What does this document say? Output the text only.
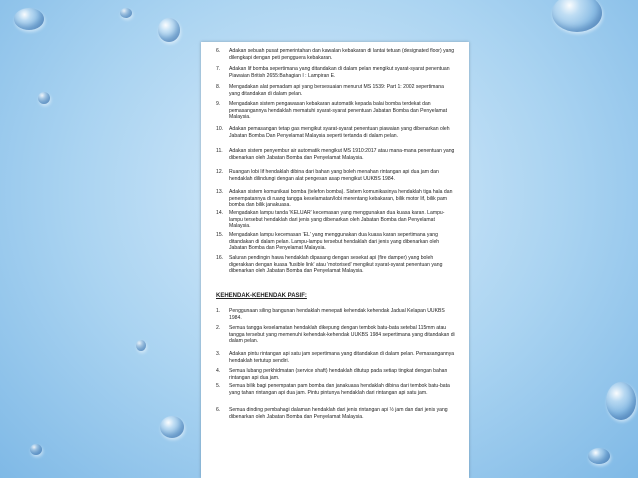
6.	Adakan sebuah pusat pemerintahan dan kawalan kebakaran di lantai tetuan (designated floor) yang dilengkapi dengan peti pengguera kebakaran.
7.	Adakan lif bomba sepertimana yang ditandakan di dalam pelan mengikut syarat-syarat penentuan Piawaian British 2655:Bahagian I : Lampiran E.
8.	Mengadakan alat pemadam api yang bersesuaian menurut MS 1539: Part 1: 2002 sepertimana yang ditandakan di dalam pelan.
9.	Mengadakan sistem pengawasan kebakaran automatik kepada balai bomba terdekat dan pemasangannya hendaklah mematuhi syarat-syarat penentuan Jabatan Bomba dan Penyelamat Malaysia.
10.	Adakan pemasangan tetap gas mengikut syarat-syarat penentuan piawaian yang dibenarkan oleh Jabatan Bomba Dan Penyelamat Malaysia seperti tertanda di dalam pelan.
11.	Adakan sistem penyembur air automatik mengikut MS 1910:2017 atau mana-mana penentuan yang dibenarkan oleh Jabatan Bomba dan Penyelamat Malaysia.
12.	Ruangan lobi lif hendaklah dibina dari bahan yang boleh menahan rintangan api dua jam dan hendaklah dilindungi dengan alat pengesan asap mengikut UUKBS 1984.
13.	Adakan sistem komunikasi bomba (telefon bomba). Sistem komunikasinya hendaklah tiga hala dan penempatannya di ruang tangga keselamatan/lobi merentang kebakaran, bilik motor lif, bilik pam bomba dan bilik janakuasa.
14.	Mengadakan lampu tanda 'KELUAR' kecemasan yang menggunakan dua kuasa karan. Lampu-lampu tersebut hendaklah dari jenis yang dibenarkan oleh Jabatan Bomba dan Penyelamat Malaysia.
15.	Mengadakan lampu kecemasan 'EL' yang menggunakan dua kuasa karan sepertimana yang ditandakan di dalam pelan. Lampu-lampu tersebut hendaklah dari jenis yang dibenarkan oleh Jabatan Bomba dan Penyelamat Malaysia.
16.	Saluran pendingin hawa hendaklah dipasang dengan sesekat api (fire damper) yang boleh digerakkan dengan kuasa 'fusible link' atau 'motorised' mengikut syarat-syarat penentuan yang dibenarkan oleh Jabatan Bomba dan Penyelamat Malaysia.
KEHENDAK-KEHENDAK PASIF:
1.	Penggunaan siling bangunan hendaklah menepati kehendak kehendak Jadual Kelapan UUKBS 1984.
2.	Semua tangga keselamatan hendaklah dikepung dengan tembok batu-bata setebal 115mm atau tangga tersebut yang memenuhi kehendak-kehendak UUKBS 1984 sepertimana yang ditandakan di dalam pelan.
3.	Adakan pintu rintangan api satu jam sepertimana yang ditandakan di dalam pelan. Pemasangannya hendaklah tertutup sendiri.
4.	Semua lubang perkhidmatan (service shaft) hendaklah ditutup pada setiap tingkat dengan bahan rintangan api dua jam.
5.	Semua bilik bagi penempatan pam bomba dan janakuasa hendaklah dibina dari tembok batu-bata yang tahan rintangan api dua jam. Pintu pintunya hendaklah dari rintangan api satu jam.
6.	Semua dinding pembahagi dalaman hendaklah dari jenis rintangan api ½ jam dan dari jenis yang dibenarkan oleh Jabatan Bomba dan Penyelamat Malaysia.
